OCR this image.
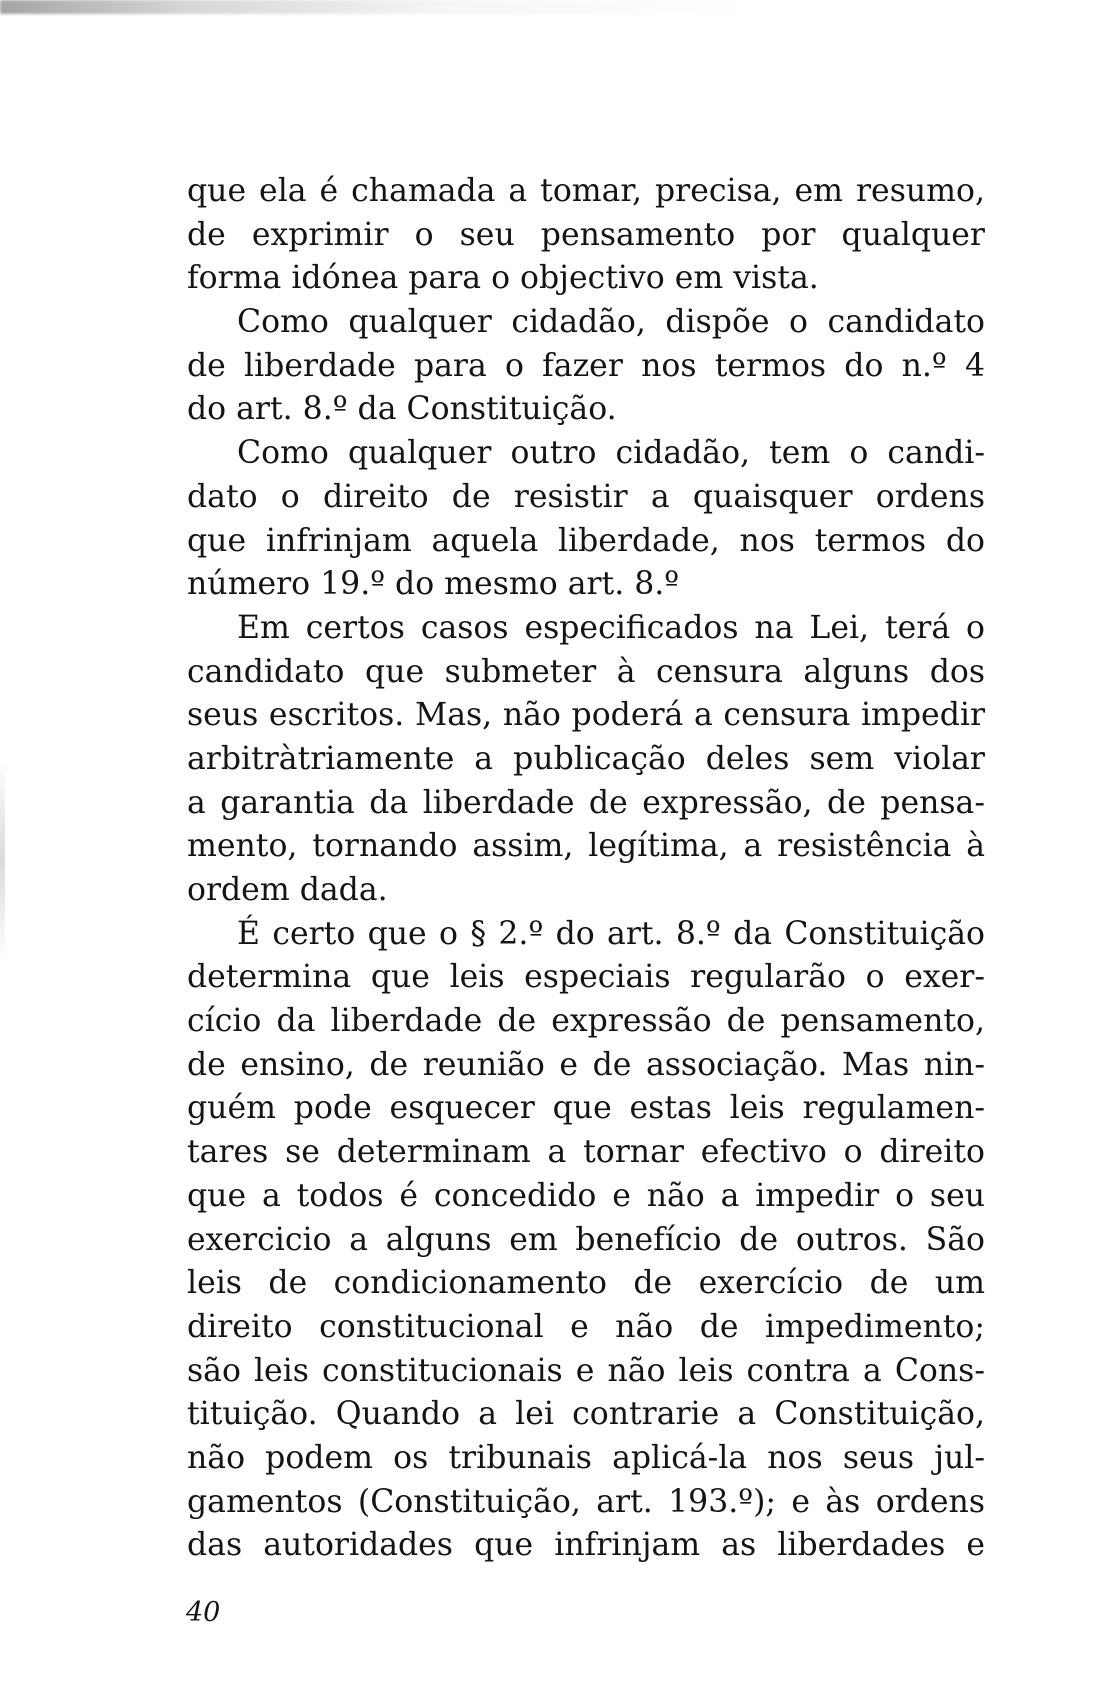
que ela é chamada a tomar, precisa, em resumo,
de exprimir o seu pensamento por qualquer
forma idónea para o objectivo em vista.
Como qualquer cidadão, dispõe o candidato
de liberdade para o fazer nos termos do n.º 4
do art. 8.º da Constituição.
Como qualquer outro cidadão, tem o candi-
dato o direito de resistir a quaisquer ordens
que infrinjam aquela liberdade, nos termos do
número 19.º do mesmo art. 8.º
Em certos casos especificados na Lei, terá o
candidato que submeter à censura alguns dos
seus escritos. Mas, não poderá a censura impedir
arbitràtriamente a publicação deles sem violar
a garantia da liberdade de expressão, de pensa-
mento, tornando assim, legítima, a resistência à
ordem dada.
É certo que o § 2.º do art. 8.º da Constituição
determina que leis especiais regularão o exer-
cício da liberdade de expressão de pensamento,
de ensino, de reunião e de associação. Mas nin-
guém pode esquecer que estas leis regulamen-
tares se determinam a tornar efectivo o direito
que a todos é concedido e não a impedir o seu
exercicio a alguns em benefício de outros. São
leis de condicionamento de exercício de um
direito constitucional e não de impedimento;
são leis constitucionais e não leis contra a Cons-
tituição. Quando a lei contrarie a Constituição,
não podem os tribunais aplicá-la nos seus jul-
gamentos (Constituição, art. 193.º); e às ordens
das autoridades que infrinjam as liberdades e
40
